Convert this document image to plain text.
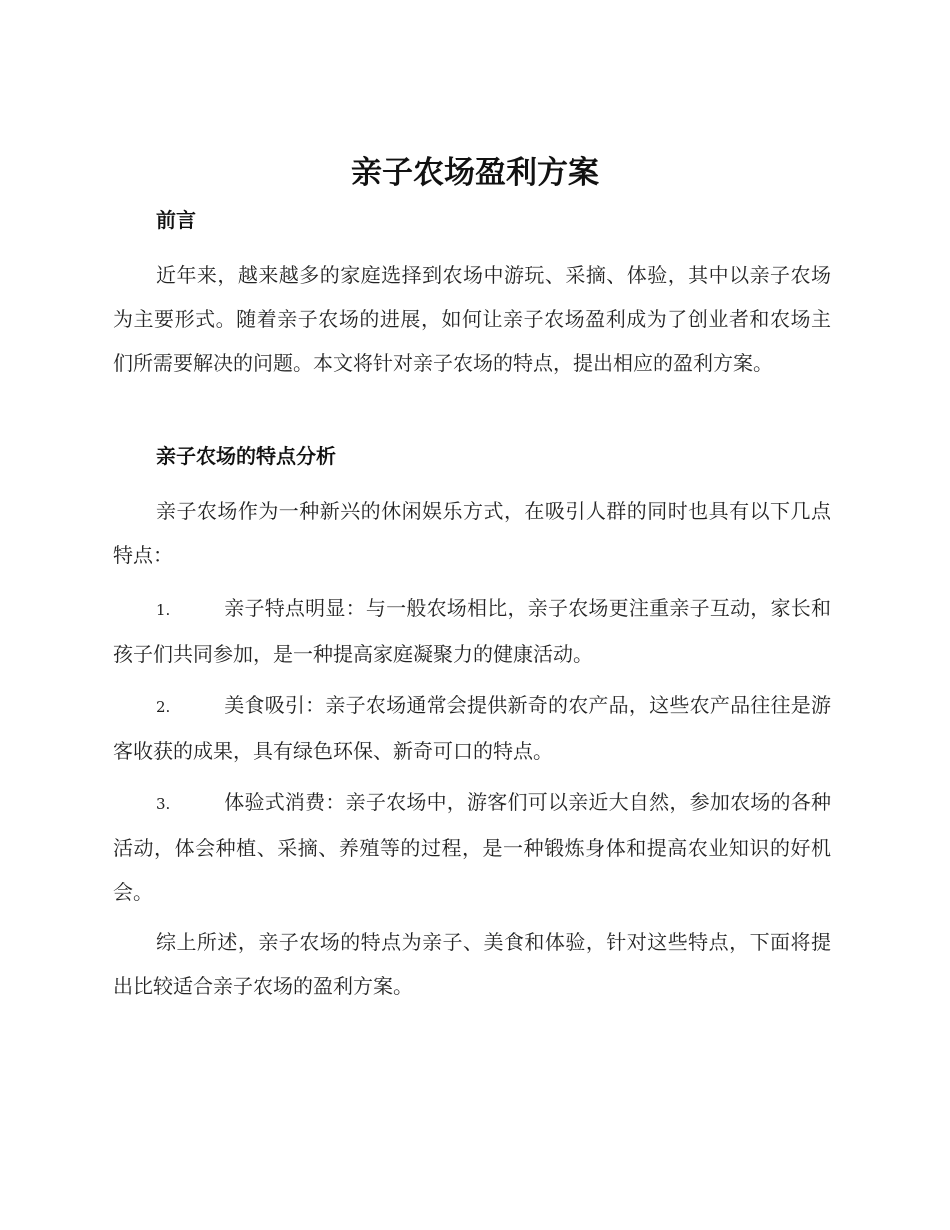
亲子农场盈利方案
前言

近年来，越来越多的家庭选择到农场中游玩、采摘、体验，其中以亲子农场为主要形式。随着亲子农场的进展，如何让亲子农场盈利成为了创业者和农场主们所需要解决的问题。本文将针对亲子农场的特点，提出相应的盈利方案。

亲子农场的特点分析

亲子农场作为一种新兴的休闲娱乐方式，在吸引人群的同时也具有以下几点特点：

1.	亲子特点明显：与一般农场相比，亲子农场更注重亲子互动，家长和孩子们共同参加，是一种提高家庭凝聚力的健康活动。

2.	美食吸引：亲子农场通常会提供新奇的农产品，这些农产品往往是游客收获的成果，具有绿色环保、新奇可口的特点。

3.	体验式消费：亲子农场中，游客们可以亲近大自然，参加农场的各种活动，体会种植、采摘、养殖等的过程，是一种锻炼身体和提高农业知识的好机会。

综上所述，亲子农场的特点为亲子、美食和体验，针对这些特点，下面将提出比较适合亲子农场的盈利方案。
